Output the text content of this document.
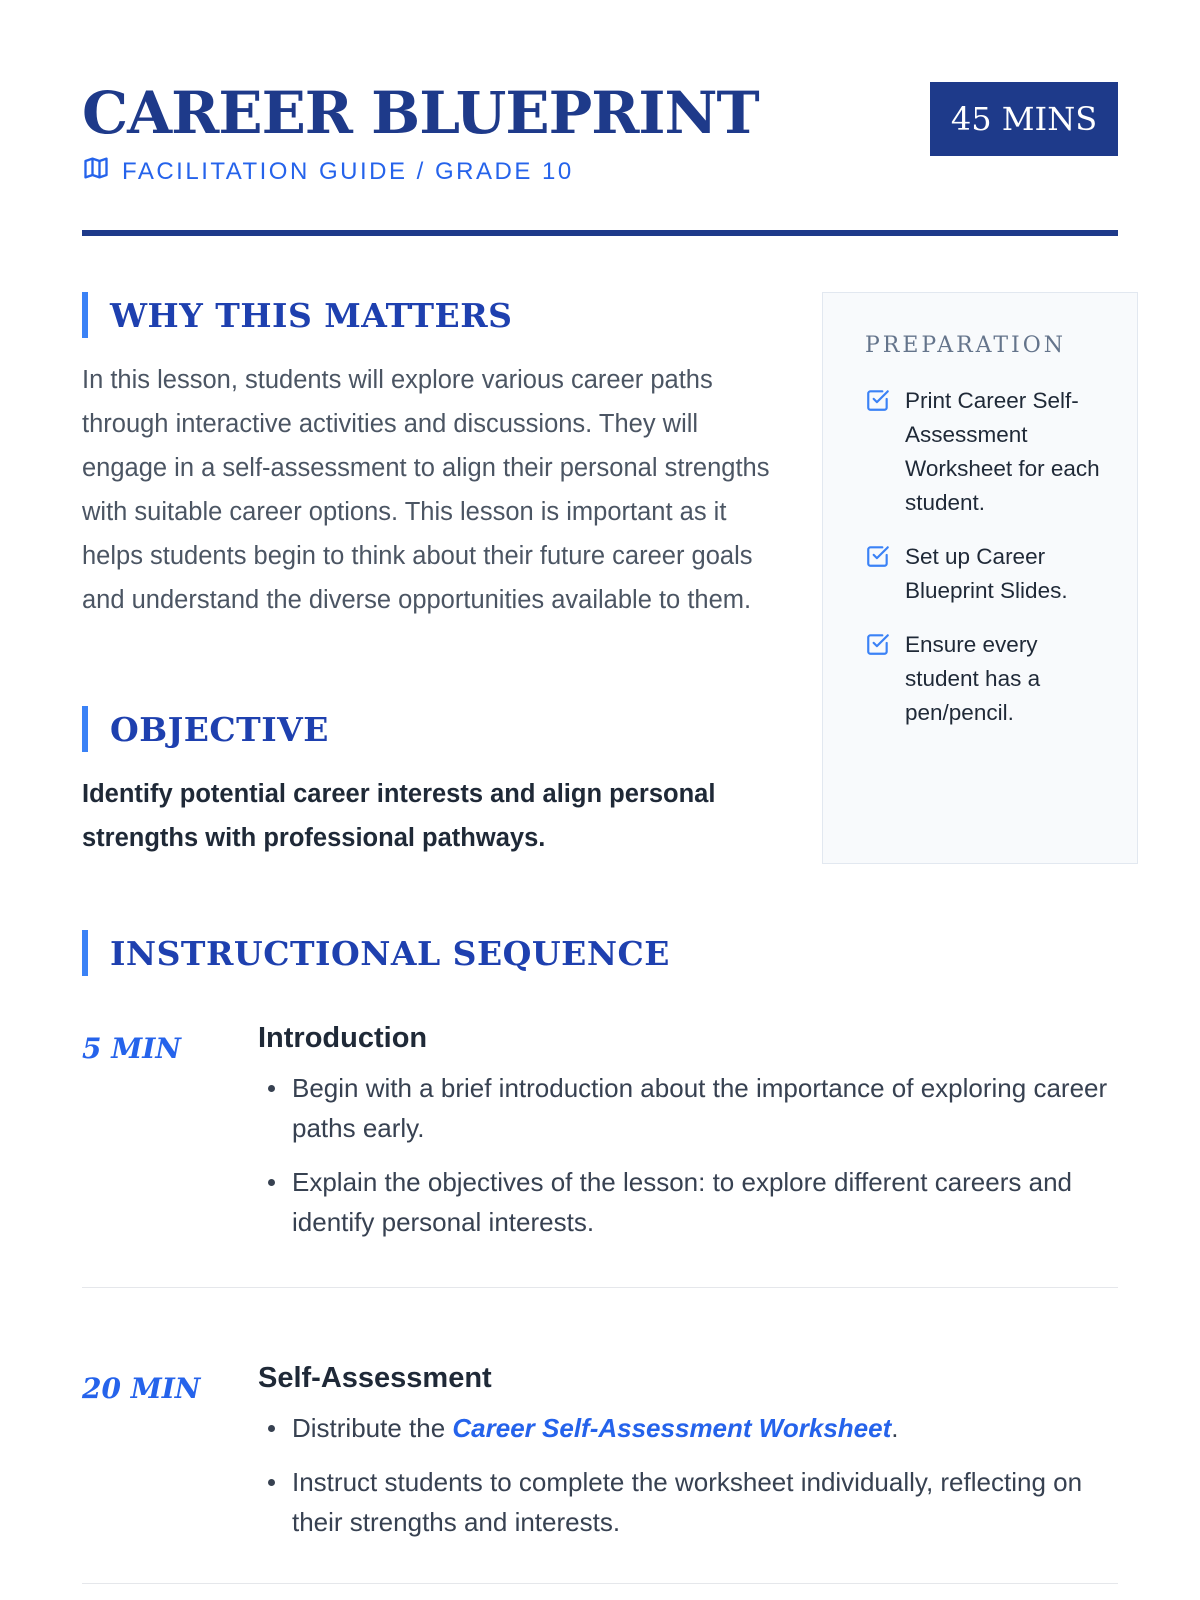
CAREER BLUEPRINT
FACILITATION GUIDE / GRADE 10
45 MINS
WHY THIS MATTERS

In this lesson, students will explore various career paths through interactive activities and discussions. They will engage in a self-assessment to align their personal strengths with suitable career options. This lesson is important as it helps students begin to think about their future career goals and understand the diverse opportunities available to them.

OBJECTIVE

Identify potential career interests and align personal strengths with professional pathways.

PREPARATION
Print Career Self-Assessment Worksheet for each student.
Set up Career Blueprint Slides.
Ensure every student has a pen/pencil.
INSTRUCTIONAL SEQUENCE
5 MIN	Introduction
Begin with a brief introduction about the importance of exploring career paths early.
Explain the objectives of the lesson: to explore different careers and identify personal interests.
20 MIN Self-Assessment
Distribute the Career Self-Assessment Worksheet.
Instruct students to complete the worksheet individually, reflecting on their strengths and interests.
